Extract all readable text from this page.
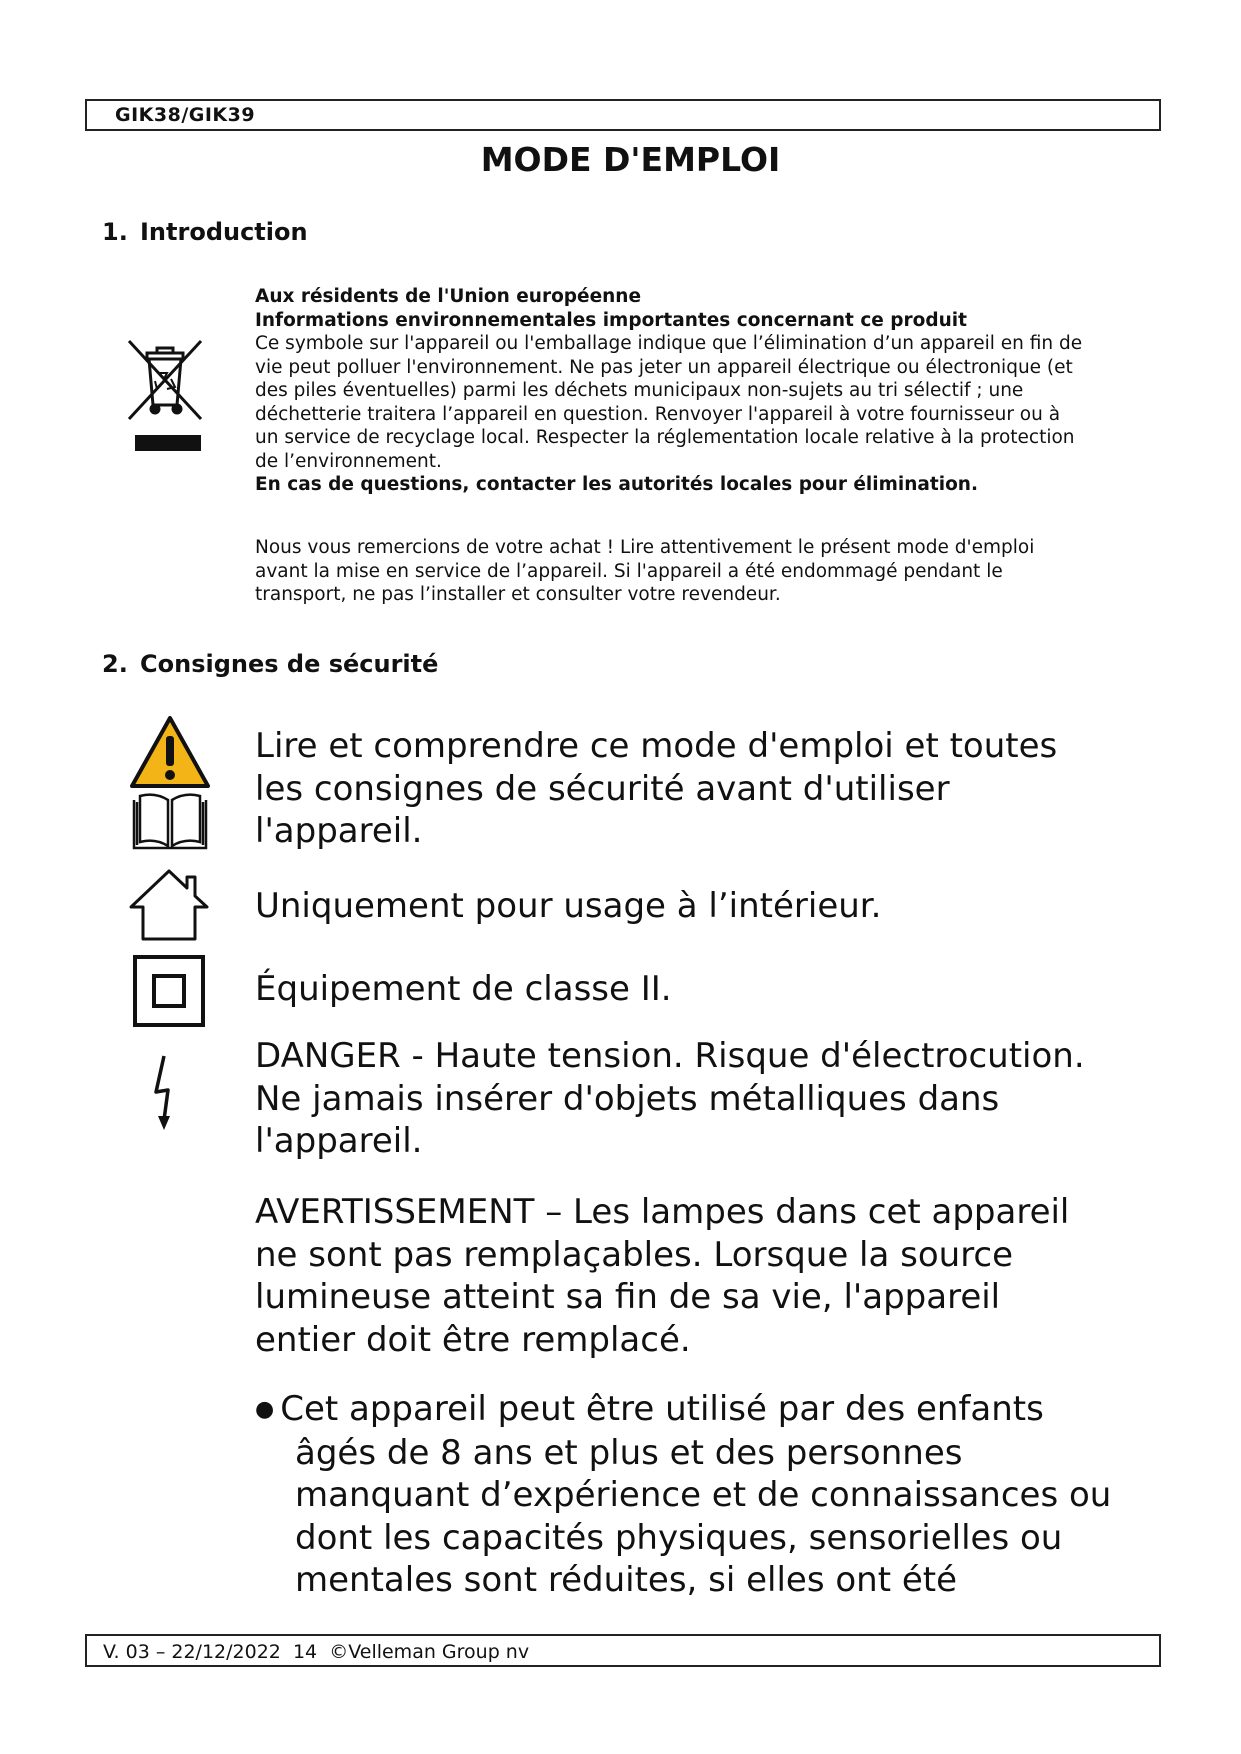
GIK38/GIK39
MODE D'EMPLOI
1. Introduction

Aux résidents de l'Union européenne

Informations environnementales importantes concernant ce produit

Ce symbole sur l'appareil ou l'emballage indique que l’élimination d’un appareil en fin de

vie peut polluer l'environnement. Ne pas jeter un appareil électrique ou électronique (et

des piles éventuelles) parmi les déchets municipaux non-sujets au tri sélectif ; une

déchetterie traitera l’appareil en question. Renvoyer l'appareil à votre fournisseur ou à

un service de recyclage local. Respecter la réglementation locale relative à la protection

de l’environnement.

En cas de questions, contacter les autorités locales pour élimination.

Nous vous remercions de votre achat ! Lire attentivement le présent mode d'emploi

avant la mise en service de l’appareil. Si l'appareil a été endommagé pendant le

transport, ne pas l’installer et consulter votre revendeur.

2. Consignes de sécurité

Lire et comprendre ce mode d'emploi et toutes

les consignes de sécurité avant d'utiliser

l'appareil.

Uniquement pour usage à l’intérieur.

Équipement de classe II.

DANGER - Haute tension. Risque d'électrocution.

Ne jamais insérer d'objets métalliques dans

l'appareil.

AVERTISSEMENT – Les lampes dans cet appareil

ne sont pas remplaçables. Lorsque la source

lumineuse atteint sa fin de sa vie, l'appareil

entier doit être remplacé.

● Cet appareil peut être utilisé par des enfants
âgés de 8 ans et plus et des personnes
manquant d’expérience et de connaissances ou
dont les capacités physiques, sensorielles ou
mentales sont réduites, si elles ont été
V. 03 – 22/12/2022  14  ©Velleman Group nv
